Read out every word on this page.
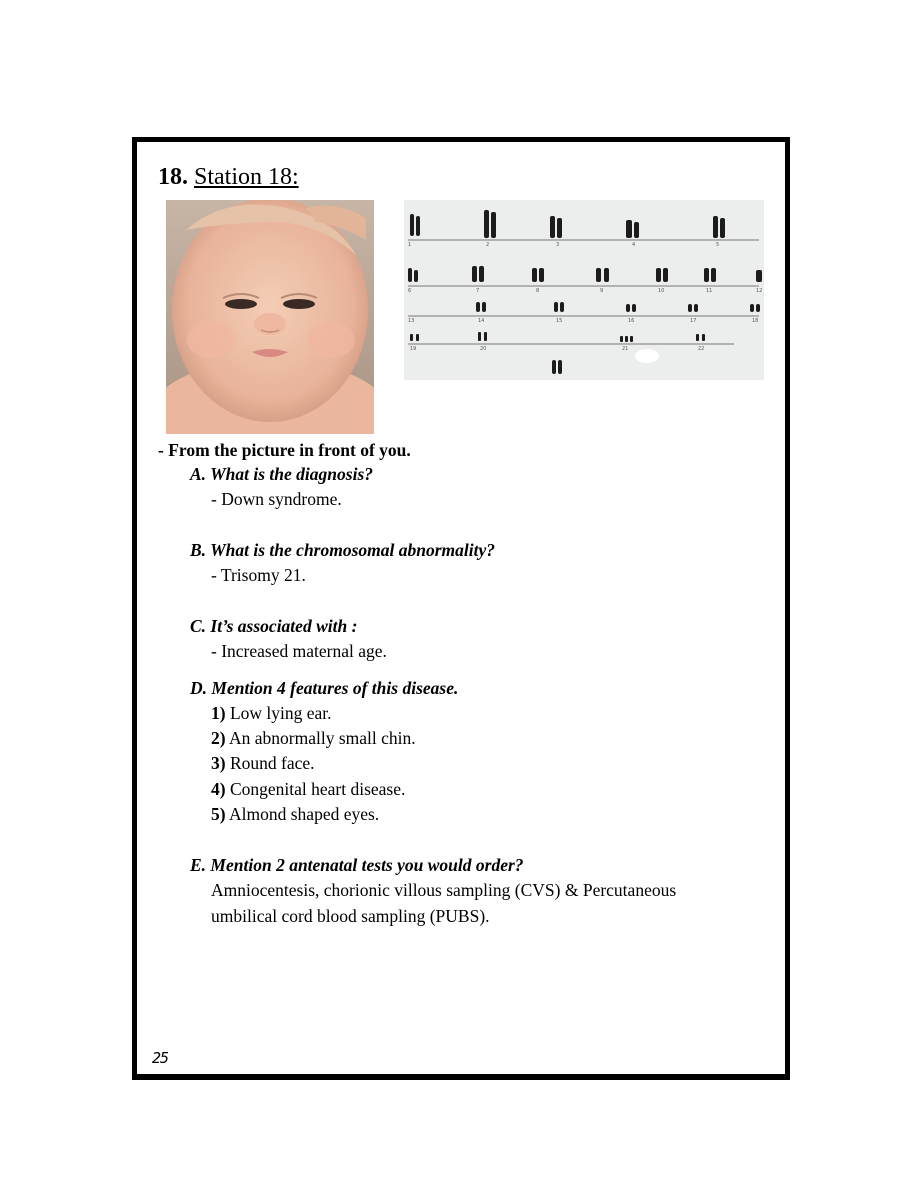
18. Station 18:
1	2	3	4	5
6	7	8	9	10	11	12
13	14	15	16	17	18
19	20	21	22
- From the picture in front of you.
A. What is the diagnosis?
- Down syndrome.
B. What is the chromosomal abnormality?
- Trisomy 21.
C. It’s associated with :
- Increased maternal age.
D. Mention 4 features of this disease.
1) Low lying ear.
2) An abnormally small chin.
3) Round face.
4) Congenital heart disease.
5) Almond shaped eyes.
E. Mention 2 antenatal tests you would order?
Amniocentesis, chorionic villous sampling (CVS) & Percutaneous
umbilical cord blood sampling (PUBS).
25
